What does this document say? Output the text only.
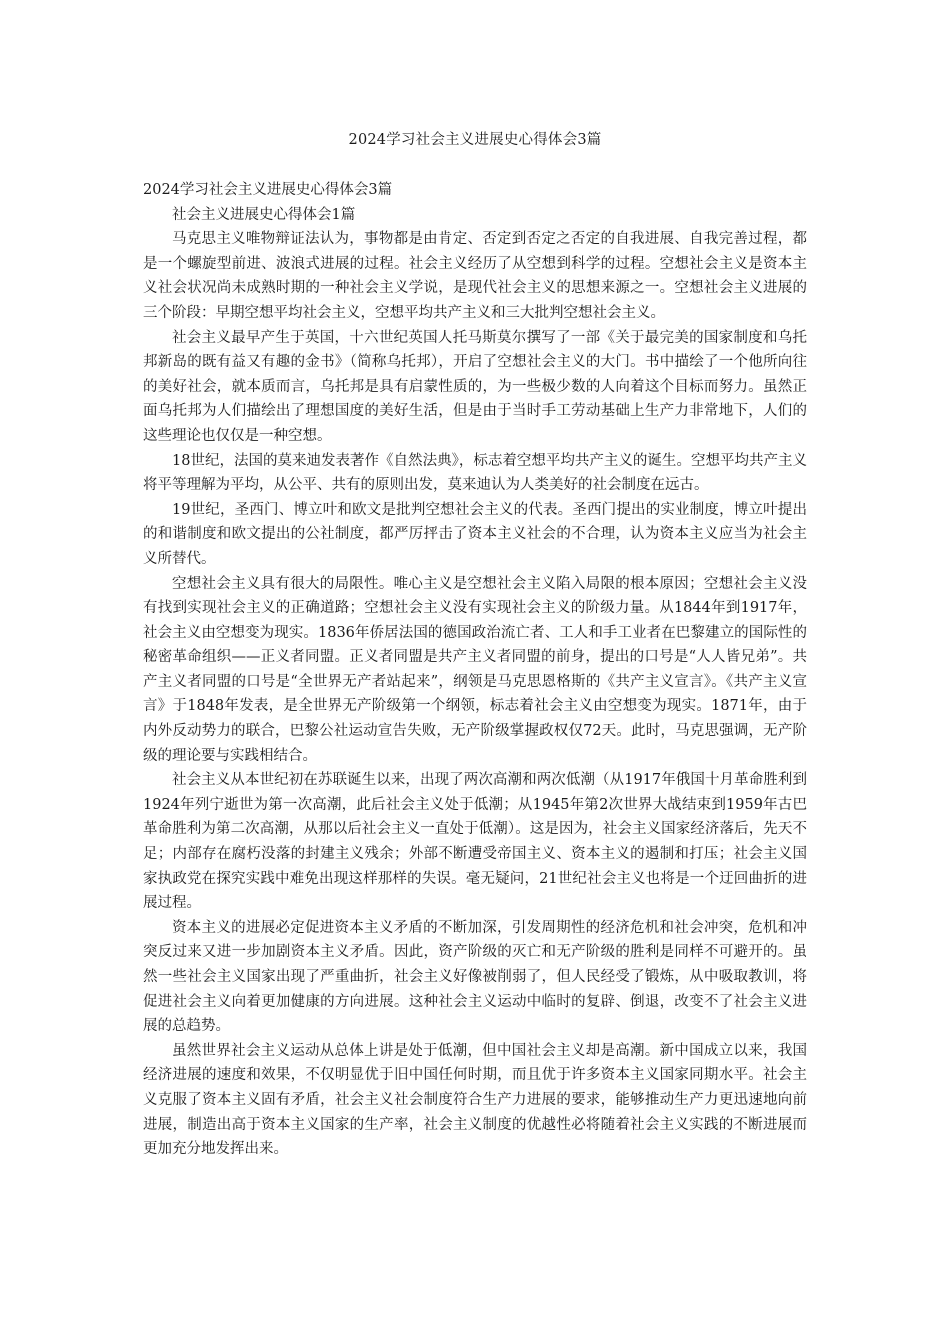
2024学习社会主义进展史心得体会3篇

2024学习社会主义进展史心得体会3篇

社会主义进展史心得体会1篇

马克思主义唯物辩证法认为，事物都是由肯定、否定到否定之否定的自我进展、自我完善过程，都是一个螺旋型前进、波浪式进展的过程。社会主义经历了从空想到科学的过程。空想社会主义是资本主义社会状况尚未成熟时期的一种社会主义学说，是现代社会主义的思想来源之一。空想社会主义进展的三个阶段：早期空想平均社会主义，空想平均共产主义和三大批判空想社会主义。

社会主义最早产生于英国，十六世纪英国人托马斯莫尔撰写了一部《关于最完美的国家制度和乌托邦新岛的既有益又有趣的金书》（简称乌托邦），开启了空想社会主义的大门。书中描绘了一个他所向往的美好社会，就本质而言，乌托邦是具有启蒙性质的，为一些极少数的人向着这个目标而努力。虽然正面乌托邦为人们描绘出了理想国度的美好生活，但是由于当时手工劳动基础上生产力非常地下，人们的这些理论也仅仅是一种空想。

18世纪，法国的莫来迪发表著作《自然法典》，标志着空想平均共产主义的诞生。空想平均共产主义将平等理解为平均，从公平、共有的原则出发，莫来迪认为人类美好的社会制度在远古。

19世纪，圣西门、博立叶和欧文是批判空想社会主义的代表。圣西门提出的实业制度，博立叶提出的和谐制度和欧文提出的公社制度，都严厉抨击了资本主义社会的不合理，认为资本主义应当为社会主义所替代。

空想社会主义具有很大的局限性。唯心主义是空想社会主义陷入局限的根本原因；空想社会主义没有找到实现社会主义的正确道路；空想社会主义没有实现社会主义的阶级力量。从1844年到1917年，社会主义由空想变为现实。1836年侨居法国的德国政治流亡者、工人和手工业者在巴黎建立的国际性的秘密革命组织——正义者同盟。正义者同盟是共产主义者同盟的前身，提出的口号是“人人皆兄弟”。共产主义者同盟的口号是“全世界无产者站起来”，纲领是马克思恩格斯的《共产主义宣言》。《共产主义宣言》于1848年发表，是全世界无产阶级第一个纲领，标志着社会主义由空想变为现实。1871年，由于内外反动势力的联合，巴黎公社运动宣告失败，无产阶级掌握政权仅72天。此时，马克思强调，无产阶级的理论要与实践相结合。

社会主义从本世纪初在苏联诞生以来，出现了两次高潮和两次低潮（从1917年俄国十月革命胜利到1924年列宁逝世为第一次高潮，此后社会主义处于低潮；从1945年第2次世界大战结束到1959年古巴革命胜利为第二次高潮，从那以后社会主义一直处于低潮）。这是因为，社会主义国家经济落后，先天不足；内部存在腐朽没落的封建主义残余；外部不断遭受帝国主义、资本主义的遏制和打压；社会主义国家执政党在探究实践中难免出现这样那样的失误。毫无疑问，21世纪社会主义也将是一个迂回曲折的进展过程。

资本主义的进展必定促进资本主义矛盾的不断加深，引发周期性的经济危机和社会冲突，危机和冲突反过来又进一步加剧资本主义矛盾。因此，资产阶级的灭亡和无产阶级的胜利是同样不可避开的。虽然一些社会主义国家出现了严重曲折，社会主义好像被削弱了，但人民经受了锻炼，从中吸取教训，将促进社会主义向着更加健康的方向进展。这种社会主义运动中临时的复辟、倒退，改变不了社会主义进展的总趋势。

虽然世界社会主义运动从总体上讲是处于低潮，但中国社会主义却是高潮。新中国成立以来，我国经济进展的速度和效果，不仅明显优于旧中国任何时期，而且优于许多资本主义国家同期水平。社会主义克服了资本主义固有矛盾，社会主义社会制度符合生产力进展的要求，能够推动生产力更迅速地向前进展，制造出高于资本主义国家的生产率，社会主义制度的优越性必将随着社会主义实践的不断进展而更加充分地发挥出来。
